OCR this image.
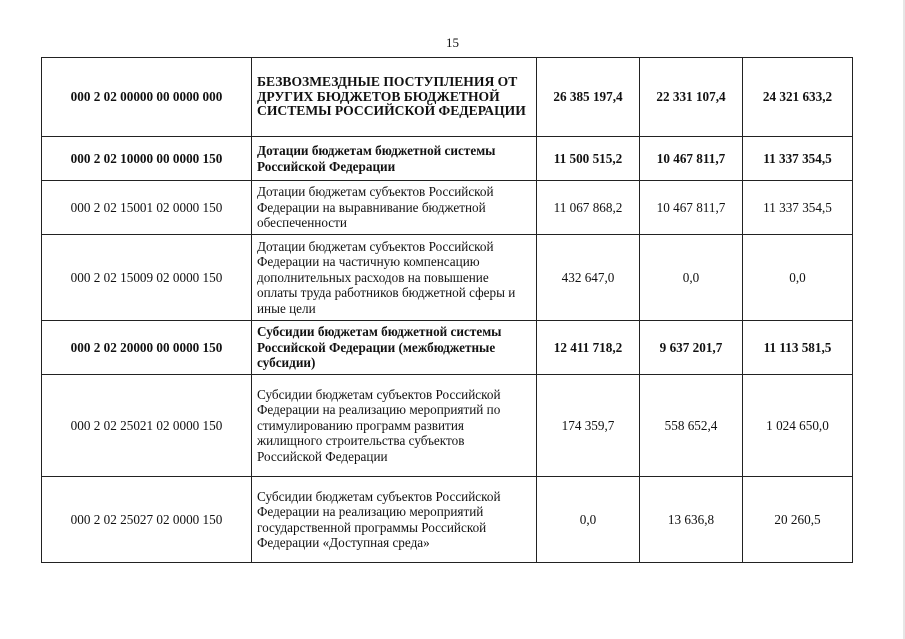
15
000 2 02 00000 00 0000 000	БЕЗВОЗМЕЗДНЫЕ ПОСТУПЛЕНИЯ ОТ ДРУГИХ БЮДЖЕТОВ БЮДЖЕТНОЙ СИСТЕМЫ РОССИЙСКОЙ ФЕДЕРАЦИИ	26 385 197,4	22 331 107,4	24 321 633,2
000 2 02 10000 00 0000 150	Дотации бюджетам бюджетной системы Российской Федерации	11 500 515,2	10 467 811,7	11 337 354,5
000 2 02 15001 02 0000 150	Дотации бюджетам субъектов Российской Федерации на выравнивание бюджетной обеспеченности	11 067 868,2	10 467 811,7	11 337 354,5
000 2 02 15009 02 0000 150	Дотации бюджетам субъектов Российской Федерации на частичную компенсацию дополнительных расходов на повышение оплаты труда работников бюджетной сферы и иные цели	432 647,0	0,0	0,0
000 2 02 20000 00 0000 150	Субсидии бюджетам бюджетной системы Российской Федерации (межбюджетные субсидии)	12 411 718,2	9 637 201,7	11 113 581,5
000 2 02 25021 02 0000 150	Субсидии бюджетам субъектов Российской Федерации на реализацию мероприятий по стимулированию программ развития жилищного строительства субъектов Российской Федерации	174 359,7	558 652,4	1 024 650,0
000 2 02 25027 02 0000 150	Субсидии бюджетам субъектов Российской Федерации на реализацию мероприятий государственной программы Российской Федерации «Доступная среда»	0,0	13 636,8	20 260,5
